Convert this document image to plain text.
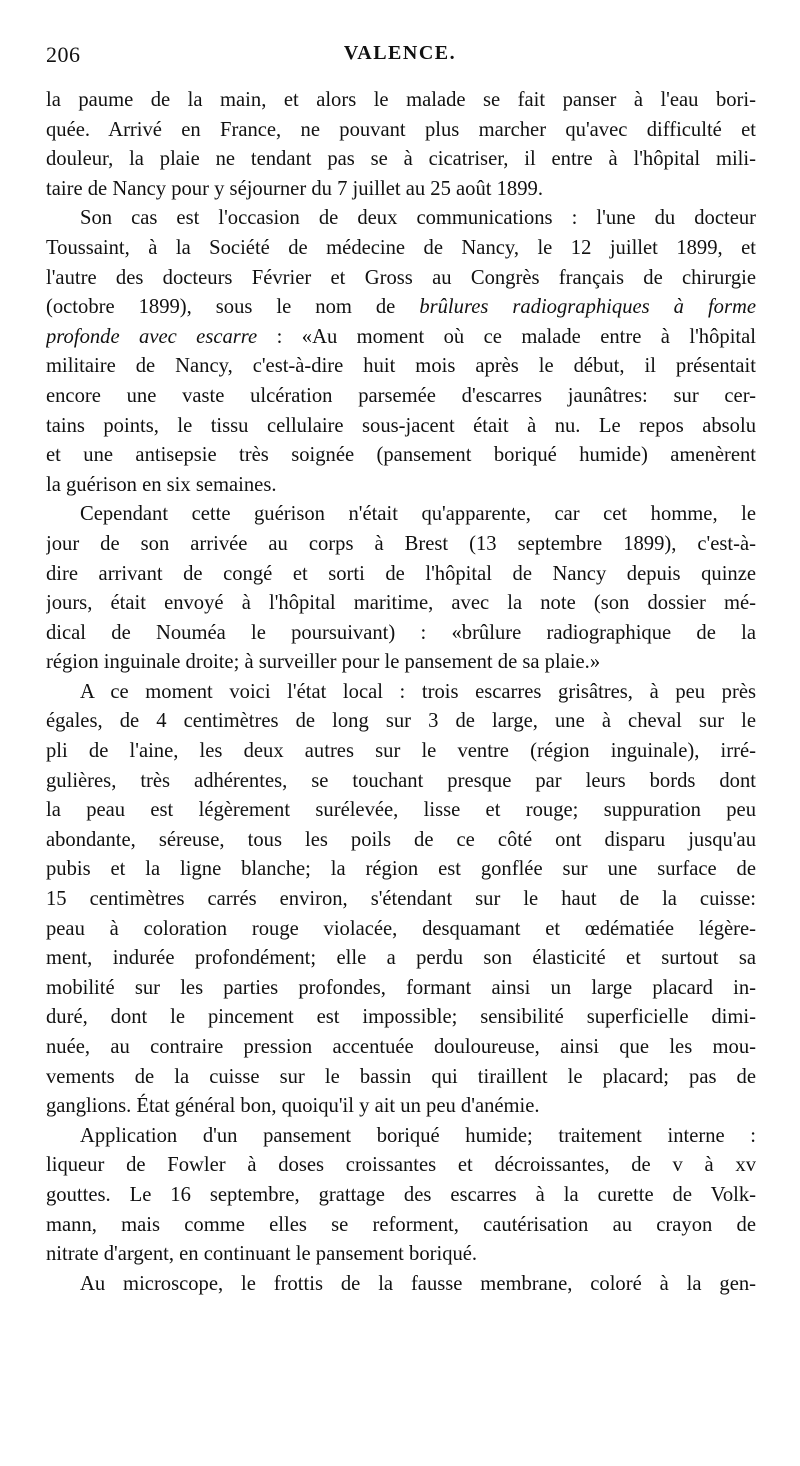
206	VALENCE.
la paume de la main, et alors le malade se fait panser à l'eau bori-
quée. Arrivé en France, ne pouvant plus marcher qu'avec difficulté et
douleur, la plaie ne tendant pas se à cicatriser, il entre à l'hôpital mili-
taire de Nancy pour y séjourner du 7 juillet au 25 août 1899.
Son cas est l'occasion de deux communications : l'une du docteur
Toussaint, à la Société de médecine de Nancy, le 12 juillet 1899, et
l'autre des docteurs Février et Gross au Congrès français de chirurgie
(octobre 1899), sous le nom de brûlures radiographiques à forme
profonde avec escarre : «Au moment où ce malade entre à l'hôpital
militaire de Nancy, c'est-à-dire huit mois après le début, il présentait
encore une vaste ulcération parsemée d'escarres jaunâtres: sur cer-
tains points, le tissu cellulaire sous-jacent était à nu. Le repos absolu
et une antisepsie très soignée (pansement boriqué humide) amenèrent
la guérison en six semaines.
Cependant cette guérison n'était qu'apparente, car cet homme, le
jour de son arrivée au corps à Brest (13 septembre 1899), c'est-à-
dire arrivant de congé et sorti de l'hôpital de Nancy depuis quinze
jours, était envoyé à l'hôpital maritime, avec la note (son dossier mé-
dical de Nouméa le poursuivant) : «brûlure radiographique de la
région inguinale droite; à surveiller pour le pansement de sa plaie.»
A ce moment voici l'état local : trois escarres grisâtres, à peu près
égales, de 4 centimètres de long sur 3 de large, une à cheval sur le
pli de l'aine, les deux autres sur le ventre (région inguinale), irré-
gulières, très adhérentes, se touchant presque par leurs bords dont
la peau est légèrement surélevée, lisse et rouge; suppuration peu
abondante, séreuse, tous les poils de ce côté ont disparu jusqu'au
pubis et la ligne blanche; la région est gonflée sur une surface de
15 centimètres carrés environ, s'étendant sur le haut de la cuisse:
peau à coloration rouge violacée, desquamant et œdématiée légère-
ment, indurée profondément; elle a perdu son élasticité et surtout sa
mobilité sur les parties profondes, formant ainsi un large placard in-
duré, dont le pincement est impossible; sensibilité superficielle dimi-
nuée, au contraire pression accentuée douloureuse, ainsi que les mou-
vements de la cuisse sur le bassin qui tiraillent le placard; pas de
ganglions. État général bon, quoiqu'il y ait un peu d'anémie.
Application d'un pansement boriqué humide; traitement interne :
liqueur de Fowler à doses croissantes et décroissantes, de v à xv
gouttes. Le 16 septembre, grattage des escarres à la curette de Volk-
mann, mais comme elles se reforment, cautérisation au crayon de
nitrate d'argent, en continuant le pansement boriqué.
Au microscope, le frottis de la fausse membrane, coloré à la gen-
